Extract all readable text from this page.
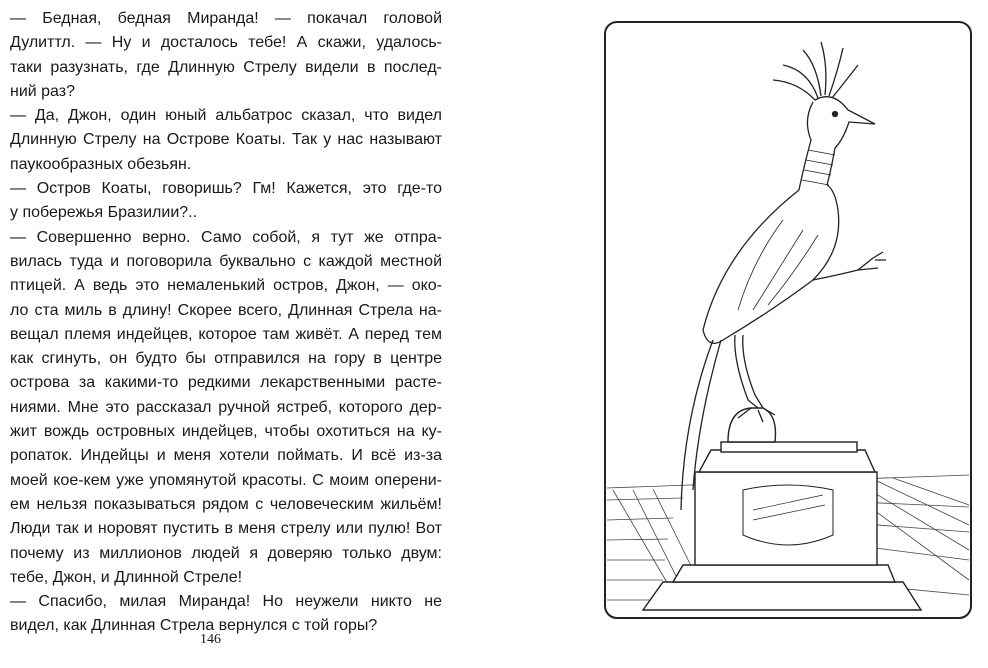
— Бедная, бедная Миранда! — покачал головой
Дулиттл. — Ну и досталось тебе! А скажи, удалось-
таки разузнать, где Длинную Стрелу видели в послед-
ний раз?
— Да, Джон, один юный альбатрос сказал, что видел
Длинную Стрелу на Острове Коаты. Так у нас называют
паукообразных обезьян.
— Остров Коаты, говоришь? Гм! Кажется, это где-то
у побережья Бразилии?..
— Совершенно верно. Само собой, я тут же отпра-
вилась туда и поговорила буквально с каждой местной
птицей. А ведь это немаленький остров, Джон, — око-
ло ста миль в длину! Скорее всего, Длинная Стрела на-
вещал племя индейцев, которое там живёт. А перед тем
как сгинуть, он будто бы отправился на гору в центре
острова за какими-то редкими лекарственными расте-
ниями. Мне это рассказал ручной ястреб, которого дер-
жит вождь островных индейцев, чтобы охотиться на ку-
ропаток. Индейцы и меня хотели поймать. И всё из-за
моей кое-кем уже упомянутой красоты. С моим оперени-
ем нельзя показываться рядом с человеческим жильём!
Люди так и норовят пустить в меня стрелу или пулю! Вот
почему из миллионов людей я доверяю только двум:
тебе, Джон, и Длинной Стреле!
— Спасибо, милая Миранда! Но неужели никто не
видел, как Длинная Стрела вернулся с той горы?
146
